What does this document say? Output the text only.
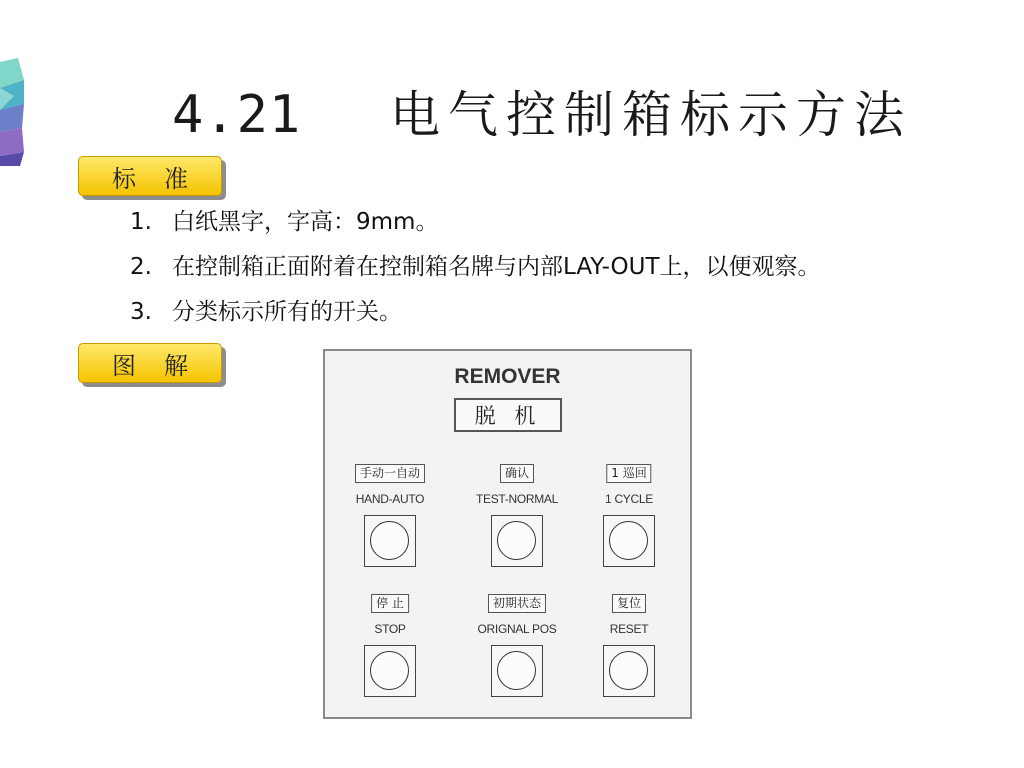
4.21 电气控制箱标示方法
标准
1. 白纸黑字，字高：9mm。
2. 在控制箱正面附着在控制箱名牌与内部LAY-OUT上，以便观察。
3. 分类标示所有的开关。
图解	REMOVER
脱 机
手动一自动
HAND-AUTO
确认
TEST-NORMAL
1 巡回
1 CYCLE
停 止
STOP
初期状态
ORIGNAL POS
复位
RESET
